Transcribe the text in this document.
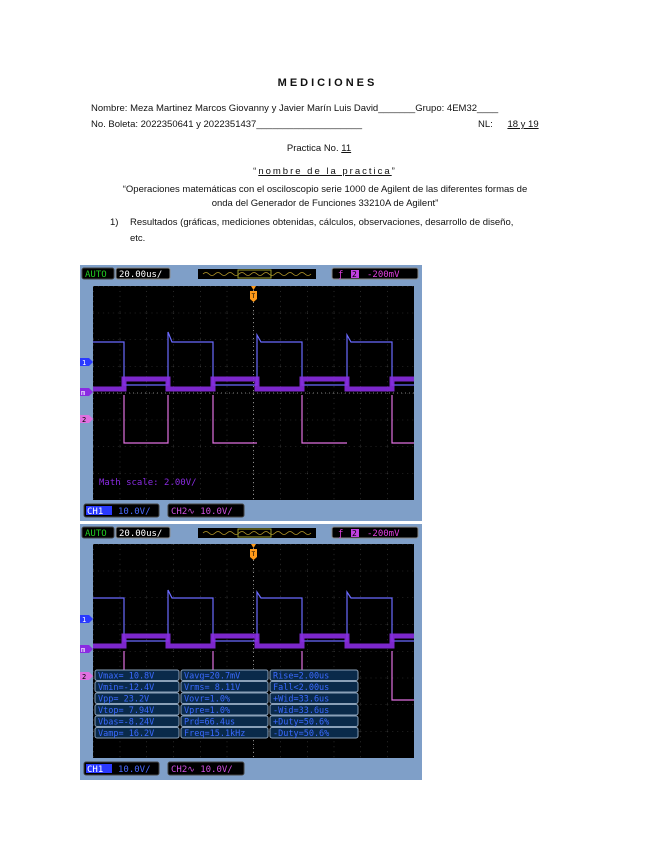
MEDICIONES
Nombre: Meza Martinez Marcos Giovanny y Javier Marín Luis David_______Grupo: 4EM32____
No. Boleta: 2022350641 y 2022351437____________________	NL: 18 y 19
Practica No. 11
“nombre de la practica”
“Operaciones matemáticas con el osciloscopio serie 1000 de Agilent de las diferentes formas de
onda del Generador de Funciones 33210A de Agilent”
1) Resultados (gráficas, mediciones obtenidas, cálculos, observaciones, desarrollo de diseño,
etc.
AUTO 20.00us/	ƒ 2 -200mV
T
Math scale: 2.00V/
1
m
2
CH1 10.0V/ CH2∿ 10.0V/
AUTO 20.00us/	ƒ 2 -200mV
T
1
m
2 Vmax= 10.8V	Vavg=20.7mV	Rise=2.00us
Vmin=-12.4V	Vrms= 8.11V	Fall<2.00us
Vpp= 23.2V	Vovr=1.0%	+Wid=33.6us
Vtop= 7.94V	Vpre=1.0%	-Wid=33.6us
Vbas=-8.24V	Prd=66.4us	+Duty=50.6%
Vamp= 16.2V	Freq=15.1kHz	-Duty=50.6%
CH1 10.0V/ CH2∿ 10.0V/
